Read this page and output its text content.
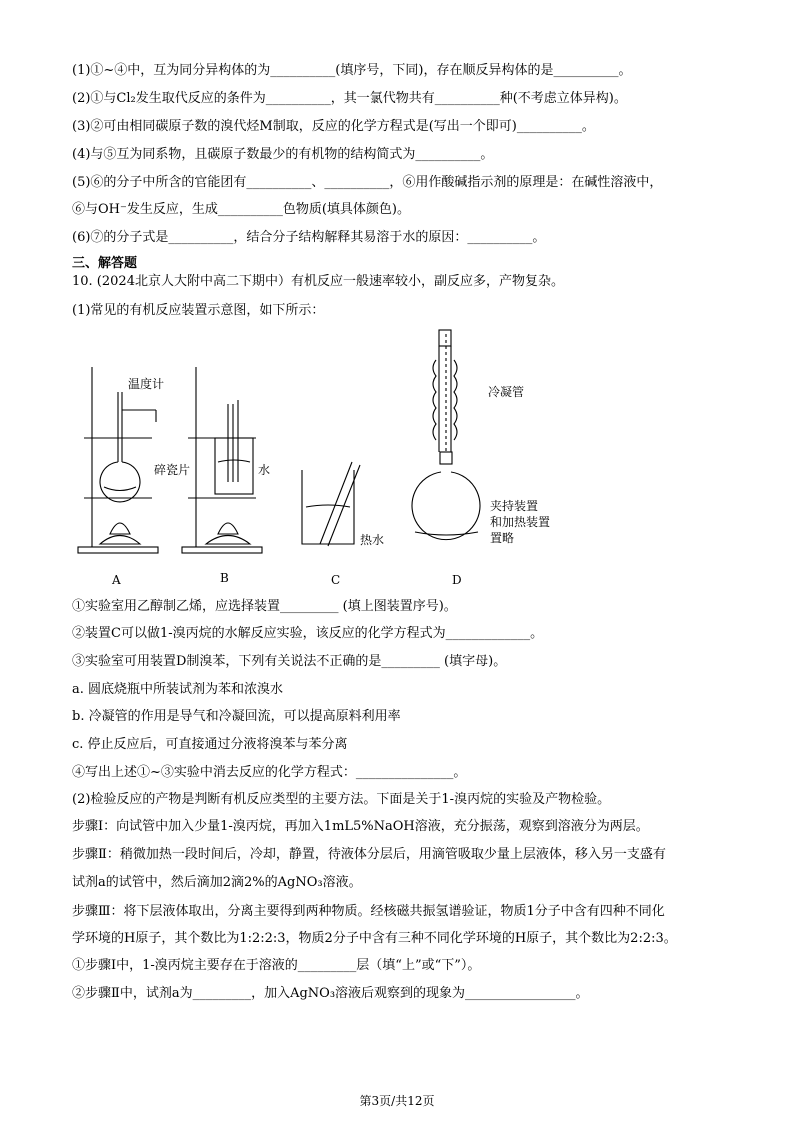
(1)①~④中，互为同分异构体的为__________(填序号，下同)，存在顺反异构体的是__________。
(2)①与Cl₂发生取代反应的条件为__________，其一氯代物共有__________种(不考虑立体异构)。
(3)②可由相同碳原子数的溴代烃M制取，反应的化学方程式是(写出一个即可)__________。
(4)与⑤互为同系物，且碳原子数最少的有机物的结构简式为__________。
(5)⑥的分子中所含的官能团有__________、__________，⑥用作酸碱指示剂的原理是：在碱性溶液中，
⑥与OH⁻发生反应，生成__________色物质(填具体颜色)。
(6)⑦的分子式是__________，结合分子结构解释其易溶于水的原因：__________。
三、解答题
10. (2024北京人大附中高二下期中）有机反应一般速率较小，副反应多，产物复杂。
(1)常见的有机反应装置示意图，如下所示：
温度计
碎瓷片	水
热水
冷凝管
夹持装置
和加热装置
置略
A	B	C	D
①实验室用乙醇制乙烯，应选择装置_________ (填上图装置序号)。
②装置C可以做1-溴丙烷的水解反应实验，该反应的化学方程式为_____________。
③实验室可用装置D制溴苯，下列有关说法不正确的是_________ (填字母)。
a. 圆底烧瓶中所装试剂为苯和浓溴水
b. 冷凝管的作用是导气和冷凝回流，可以提高原料利用率
c. 停止反应后，可直接通过分液将溴苯与苯分离
④写出上述①~③实验中消去反应的化学方程式：_______________。
(2)检验反应的产物是判断有机反应类型的主要方法。下面是关于1-溴丙烷的实验及产物检验。
步骤Ⅰ：向试管中加入少量1-溴丙烷，再加入1mL5%NaOH溶液，充分振荡，观察到溶液分为两层。
步骤Ⅱ：稍微加热一段时间后，冷却，静置，待液体分层后，用滴管吸取少量上层液体，移入另一支盛有
试剂a的试管中，然后滴加2滴2%的AgNO₃溶液。
步骤Ⅲ：将下层液体取出，分离主要得到两种物质。经核磁共振氢谱验证，物质1分子中含有四种不同化
学环境的H原子，其个数比为1:2:2:3，物质2分子中含有三种不同化学环境的H原子，其个数比为2:2:3。
①步骤Ⅰ中，1-溴丙烷主要存在于溶液的_________层（填“上”或“下”）。
②步骤Ⅱ中，试剂a为_________，加入AgNO₃溶液后观察到的现象为_________________。
第3页/共12页
